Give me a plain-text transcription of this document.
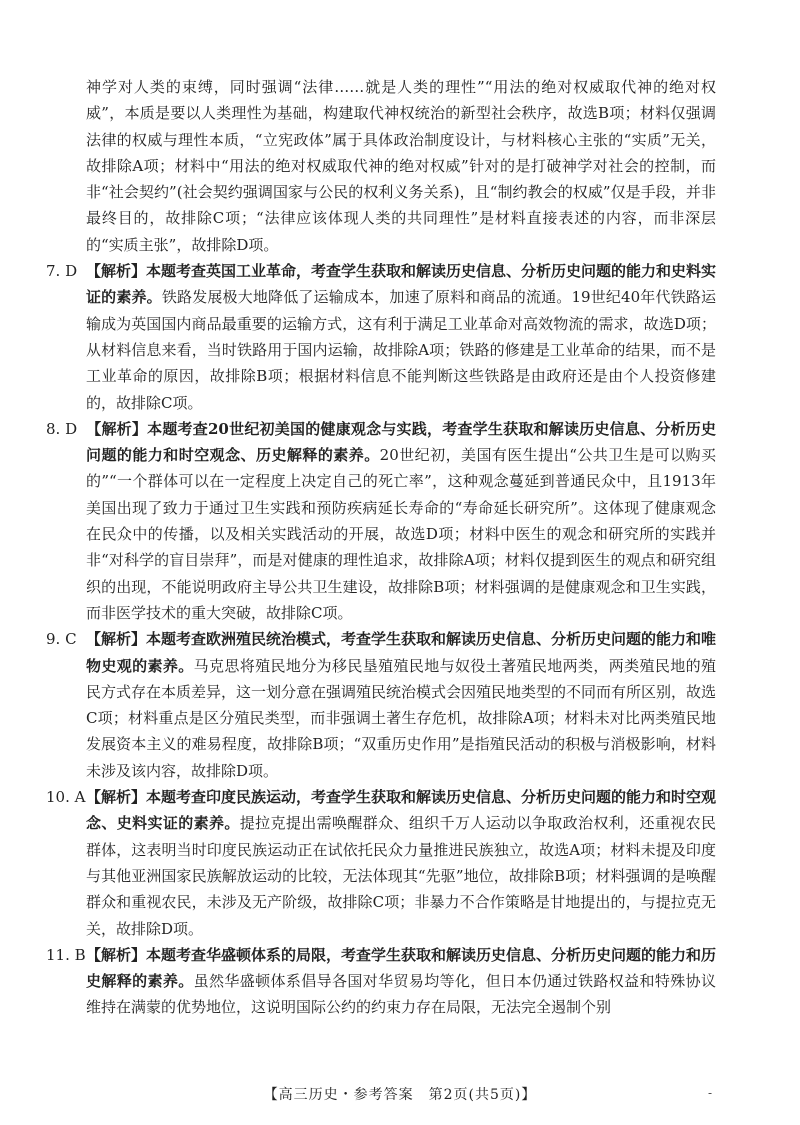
神学对人类的束缚，同时强调“法律……就是人类的理性”“用法的绝对权威取代神的绝对权威”，本质是要以人类理性为基础，构建取代神权统治的新型社会秩序，故选B项；材料仅强调法律的权威与理性本质，“立宪政体”属于具体政治制度设计，与材料核心主张的“实质”无关，故排除A项；材料中“用法的绝对权威取代神的绝对权威”针对的是打破神学对社会的控制，而非“社会契约”(社会契约强调国家与公民的权利义务关系)，且“制约教会的权威”仅是手段，并非最终目的，故排除C项；“法律应该体现人类的共同理性”是材料直接表述的内容，而非深层的“实质主张”，故排除D项。

7. D 【解析】本题考查英国工业革命，考查学生获取和解读历史信息、分析历史问题的能力和史料实证的素养。铁路发展极大地降低了运输成本，加速了原料和商品的流通。19世纪40年代铁路运输成为英国国内商品最重要的运输方式，这有利于满足工业革命对高效物流的需求，故选D项；从材料信息来看，当时铁路用于国内运输，故排除A项；铁路的修建是工业革命的结果，而不是工业革命的原因，故排除B项；根据材料信息不能判断这些铁路是由政府还是由个人投资修建的，故排除C项。

8. D 【解析】本题考查20世纪初美国的健康观念与实践，考查学生获取和解读历史信息、分析历史问题的能力和时空观念、历史解释的素养。20世纪初，美国有医生提出“公共卫生是可以购买的”“一个群体可以在一定程度上决定自己的死亡率”，这种观念蔓延到普通民众中，且1913年美国出现了致力于通过卫生实践和预防疾病延长寿命的“寿命延长研究所”。这体现了健康观念在民众中的传播，以及相关实践活动的开展，故选D项；材料中医生的观念和研究所的实践并非“对科学的盲目崇拜”，而是对健康的理性追求，故排除A项；材料仅提到医生的观点和研究组织的出现，不能说明政府主导公共卫生建设，故排除B项；材料强调的是健康观念和卫生实践，而非医学技术的重大突破，故排除C项。

9. C 【解析】本题考查欧洲殖民统治模式，考查学生获取和解读历史信息、分析历史问题的能力和唯物史观的素养。马克思将殖民地分为移民垦殖殖民地与奴役土著殖民地两类，两类殖民地的殖民方式存在本质差异，这一划分意在强调殖民统治模式会因殖民地类型的不同而有所区别，故选C项；材料重点是区分殖民类型，而非强调土著生存危机，故排除A项；材料未对比两类殖民地发展资本主义的难易程度，故排除B项；“双重历史作用”是指殖民活动的积极与消极影响，材料未涉及该内容，故排除D项。

10. A【解析】本题考查印度民族运动，考查学生获取和解读历史信息、分析历史问题的能力和时空观念、史料实证的素养。提拉克提出需唤醒群众、组织千万人运动以争取政治权利，还重视农民群体，这表明当时印度民族运动正在试依托民众力量推进民族独立，故选A项；材料未提及印度与其他亚洲国家民族解放运动的比较，无法体现其“先驱”地位，故排除B项；材料强调的是唤醒群众和重视农民，未涉及无产阶级，故排除C项；非暴力不合作策略是甘地提出的，与提拉克无关，故排除D项。

11. B【解析】本题考查华盛顿体系的局限，考查学生获取和解读历史信息、分析历史问题的能力和历史解释的素养。虽然华盛顿体系倡导各国对华贸易均等化，但日本仍通过铁路权益和特殊协议维持在满蒙的优势地位，这说明国际公约的约束力存在局限，无法完全遏制个别

【高三历史・参考答案　第2页(共5页)】	-
